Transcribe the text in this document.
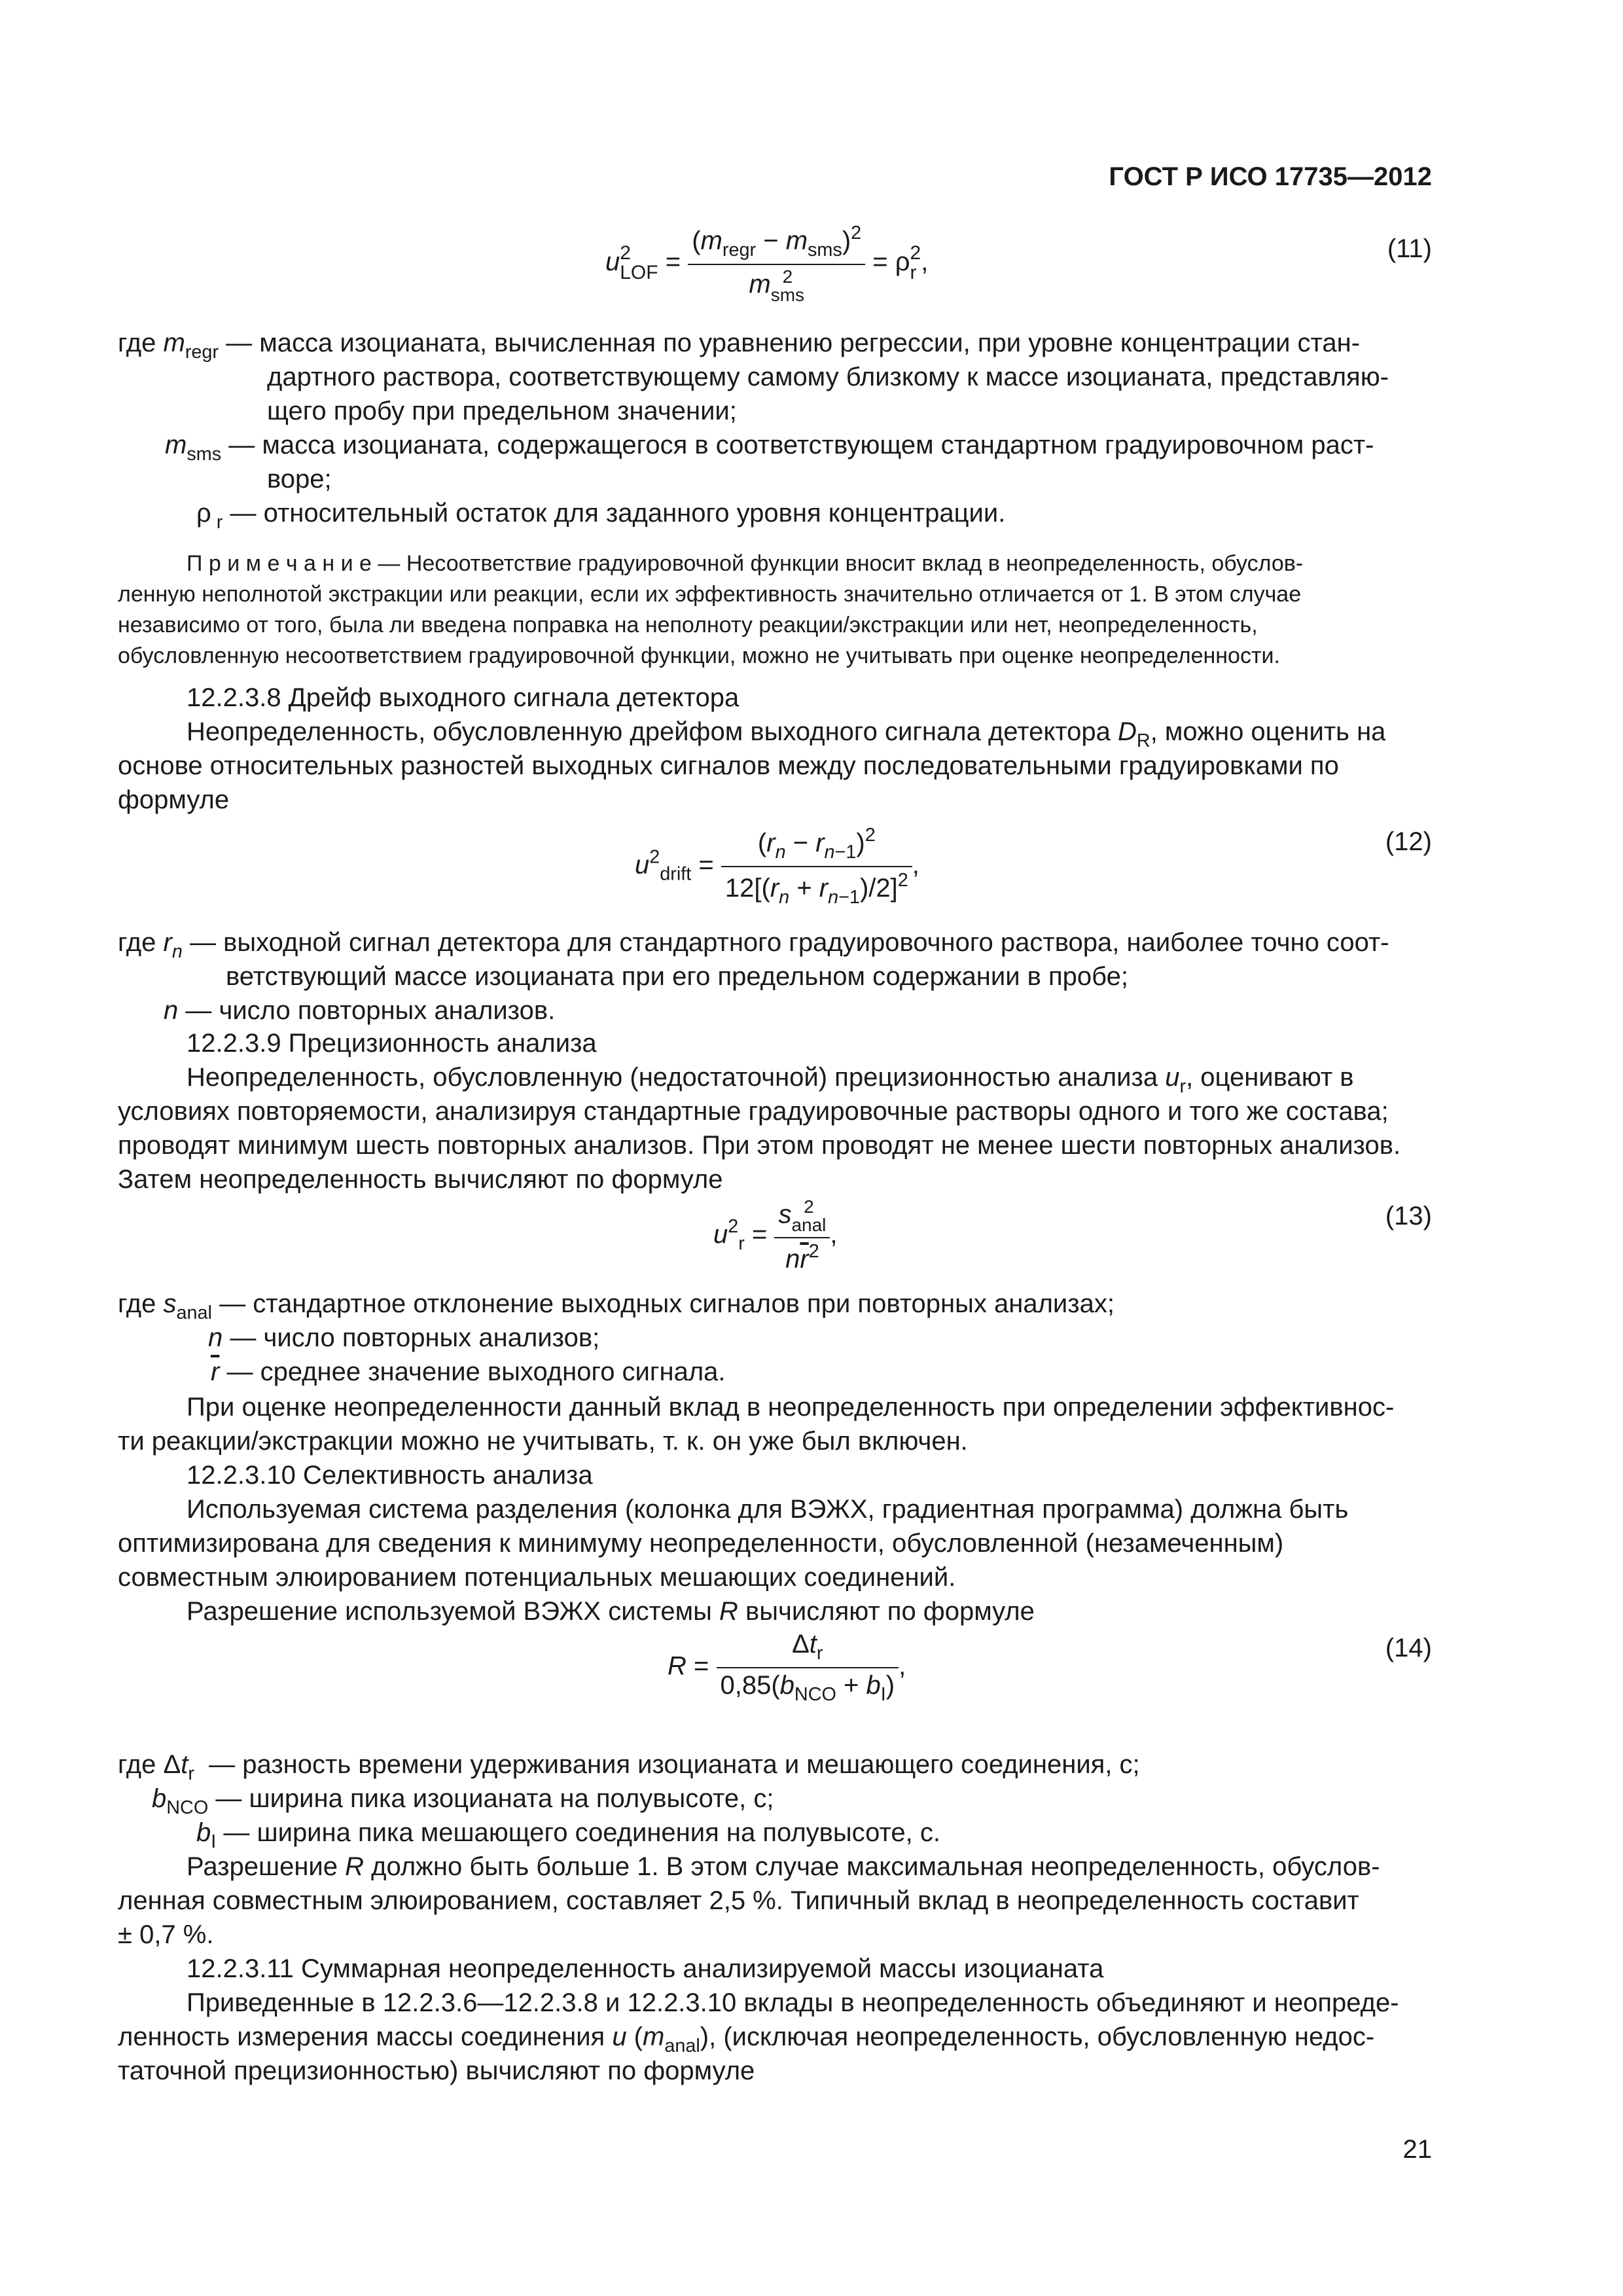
ГОСТ Р ИСО 17735—2012
u 2
LOF = $(m_{regr} - m_{sms})^2$
m 2
sms = ρ 2
r ,	(11)
где $m_{regr}$ — масса изоцианата, вычисленная по уравнению регрессии, при уровне концентрации стан-
дартного раствора, соответствующему самому близкому к массе изоцианата, представляю-
щего пробу при предельном значении;
$m_{sms}$ — масса изоцианата, содержащегося в соответствующем стандартном градуировочном раст-
воре;
ρ $_r$ — относительный остаток для заданного уровня концентрации.
П р и м е ч а н и е — Несоответствие градуировочной функции вносит вклад в неопределенность, обуслов-
ленную неполнотой экстракции или реакции, если их эффективность значительно отличается от 1. В этом случае
независимо от того, была ли введена поправка на неполноту реакции/экстракции или нет, неопределенность,
обусловленную несоответствием градуировочной функции, можно не учитывать при оценке неопределенности.
12.2.3.8 Дрейф выходного сигнала детектора
Неопределенность, обусловленную дрейфом выходного сигнала детектора $D_R$, можно оценить на
основе относительных разностей выходных сигналов между последовательными градуировками по
формуле
$u^2_{drift} = \frac{(r_n - r_{n-1})^2}{12[(r_n + r_{n-1})/2]^2}$ ,
(12)
где $r_n$ — выходной сигнал детектора для стандартного градуировочного раствора, наиболее точно соот-
ветствующий массе изоцианата при его предельном содержании в пробе;
n — число повторных анализов.
12.2.3.9 Прецизионность анализа
Неопределенность, обусловленную (недостаточной) прецизионностью анализа $u_r$, оценивают в
условиях повторяемости, анализируя стандартные градуировочные растворы одного и того же состава;
проводят минимум шесть повторных анализов. При этом проводят не менее шести повторных анализов.
Затем неопределенность вычисляют по формуле
$u^2_r = s$ 2
anal
$n\overline{r}^2$ ,
(13)
где $s_{anal}$ — стандартное отклонение выходных сигналов при повторных анализах;
n — число повторных анализов;
$\overline{r}$ — среднее значение выходного сигнала.
При оценке неопределенности данный вклад в неопределенность при определении эффективнос-
ти реакции/экстракции можно не учитывать, т. к. он уже был включен.
12.2.3.10 Селективность анализа
Используемая система разделения (колонка для ВЭЖХ, градиентная программа) должна быть
оптимизирована для сведения к минимуму неопределенности, обусловленной (незамеченным)
совместным элюированием потенциальных мешающих соединений.
Разрешение используемой ВЭЖХ системы R вычисляют по формуле
$R = \frac{\Delta t_r}{0,85(b_{NCO} + b_I)}$ ,
(14)
где $\Delta t_r$ — разность времени удерживания изоцианата и мешающего соединения, с;
$b_{NCO}$ — ширина пика изоцианата на полувысоте, с;
$b_I$ — ширина пика мешающего соединения на полувысоте, с.
Разрешение R должно быть больше 1. В этом случае максимальная неопределенность, обуслов-
ленная совместным элюированием, составляет 2,5 %. Типичный вклад в неопределенность составит
± 0,7 %.
12.2.3.11 Суммарная неопределенность анализируемой массы изоцианата
Приведенные в 12.2.3.6—12.2.3.8 и 12.2.3.10 вклады в неопределенность объединяют и неопреде-
ленность измерения массы соединения u $(m_{anal})$, (исключая неопределенность, обусловленную недос-
таточной прецизионностью) вычисляют по формуле
21
